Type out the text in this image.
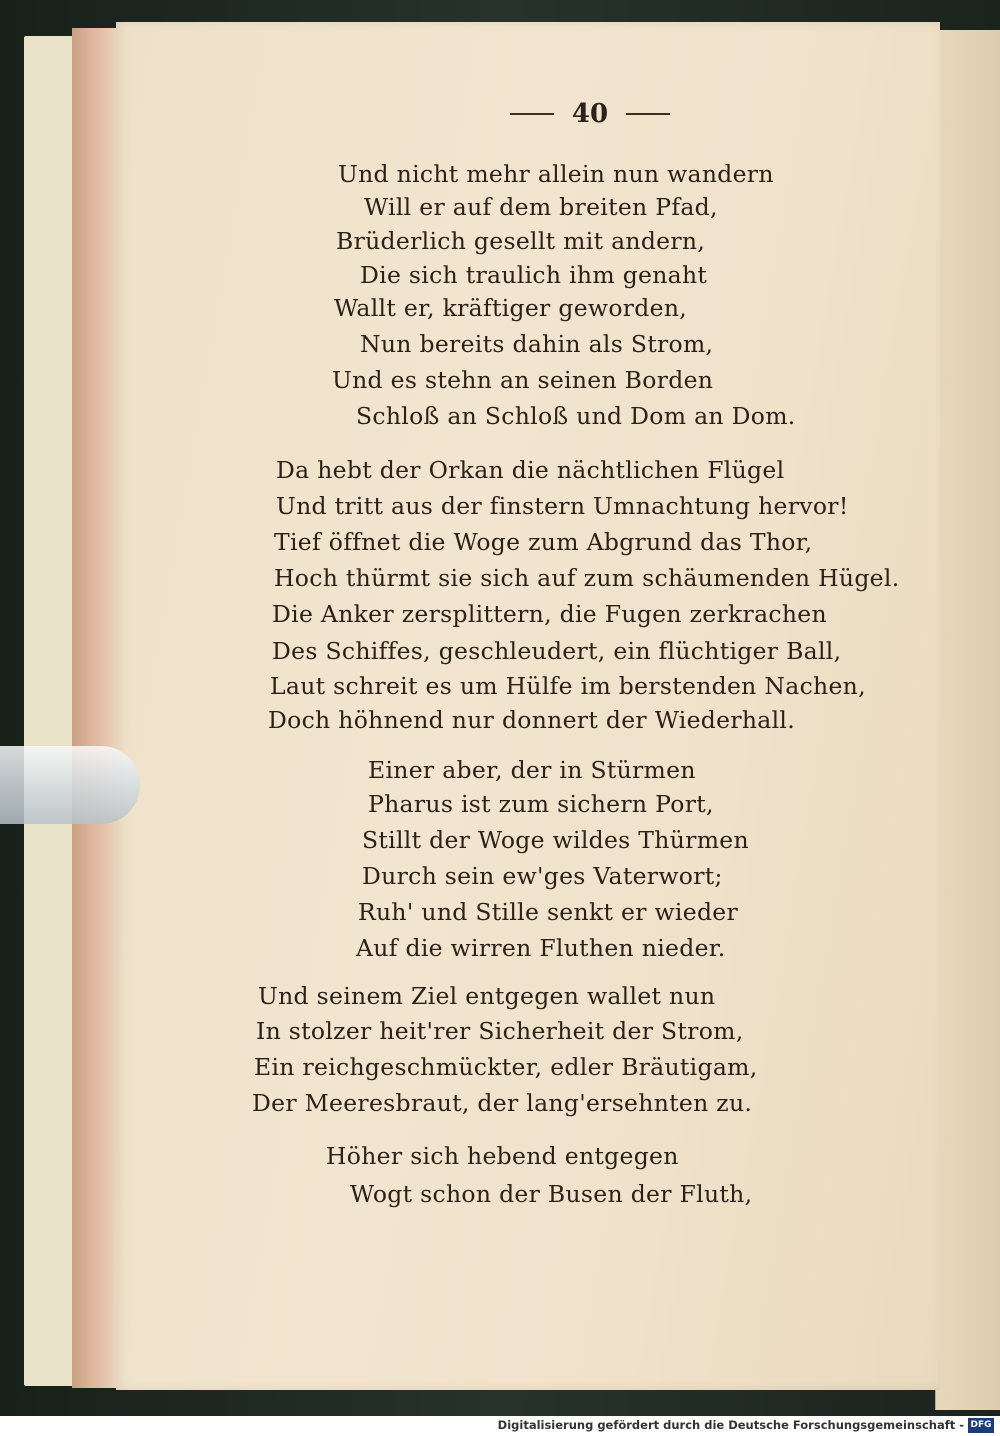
40
Und nicht mehr allein nun wandern
Will er auf dem breiten Pfad,
Brüderlich gesellt mit andern,
Die sich traulich ihm genaht
Wallt er, kräftiger geworden,
Nun bereits dahin als Strom,
Und es stehn an seinen Borden
Schloß an Schloß und Dom an Dom.
Da hebt der Orkan die nächtlichen Flügel
Und tritt aus der finstern Umnachtung hervor!
Tief öffnet die Woge zum Abgrund das Thor,
Hoch thürmt sie sich auf zum schäumenden Hügel.
Die Anker zersplittern, die Fugen zerkrachen
Des Schiffes, geschleudert, ein flüchtiger Ball,
Laut schreit es um Hülfe im berstenden Nachen,
Doch höhnend nur donnert der Wiederhall.
Einer aber, der in Stürmen
Pharus ist zum sichern Port,
Stillt der Woge wildes Thürmen
Durch sein ew'ges Vaterwort;
Ruh' und Stille senkt er wieder
Auf die wirren Fluthen nieder.
Und seinem Ziel entgegen wallet nun
In stolzer heit'rer Sicherheit der Strom,
Ein reichgeschmückter, edler Bräutigam,
Der Meeresbraut, der lang'ersehnten zu.
Höher sich hebend entgegen
Wogt schon der Busen der Fluth,
Digitalisierung gefördert durch die Deutsche Forschungsgemeinschaft - DFG
